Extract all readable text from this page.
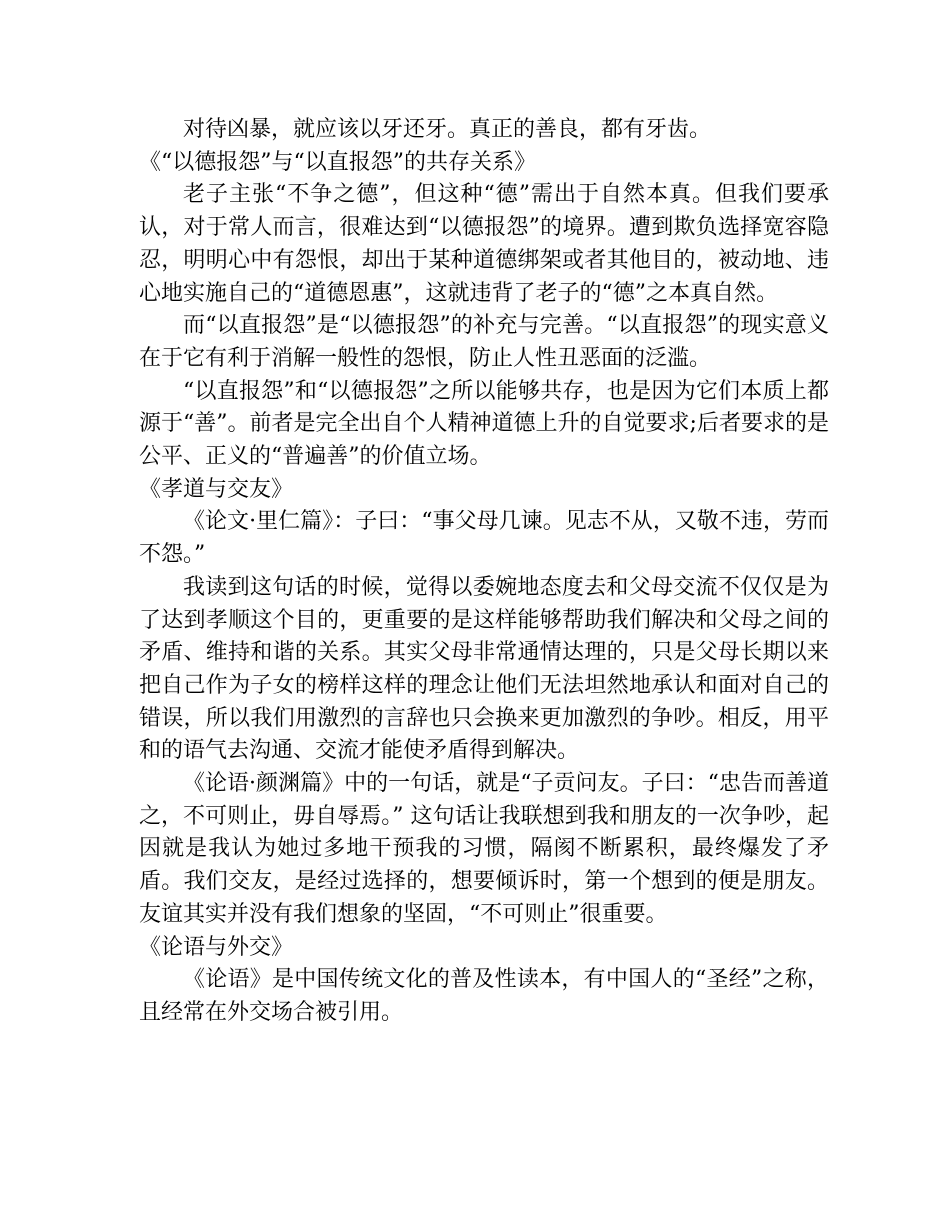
对待凶暴，就应该以牙还牙。真正的善良，都有牙齿。

《“以德报怨”与“以直报怨”的共存关系》

老子主张“不争之德”，但这种“德”需出于自然本真。但我们要承认，对于常人而言，很难达到“以德报怨”的境界。遭到欺负选择宽容隐忍，明明心中有怨恨，却出于某种道德绑架或者其他目的，被动地、违心地实施自己的“道德恩惠”，这就违背了老子的“德”之本真自然。

而“以直报怨”是“以德报怨”的补充与完善。“以直报怨”的现实意义在于它有利于消解一般性的怨恨，防止人性丑恶面的泛滥。

“以直报怨”和“以德报怨”之所以能够共存，也是因为它们本质上都源于“善”。前者是完全出自个人精神道德上升的自觉要求;后者要求的是公平、正义的“普遍善”的价值立场。

《孝道与交友》

《论文·里仁篇》：子曰：“事父母几谏。见志不从，又敬不违，劳而不怨。”

我读到这句话的时候，觉得以委婉地态度去和父母交流不仅仅是为了达到孝顺这个目的，更重要的是这样能够帮助我们解决和父母之间的矛盾、维持和谐的关系。其实父母非常通情达理的，只是父母长期以来把自己作为子女的榜样这样的理念让他们无法坦然地承认和面对自己的错误，所以我们用激烈的言辞也只会换来更加激烈的争吵。相反，用平和的语气去沟通、交流才能使矛盾得到解决。

《论语·颜渊篇》中的一句话，就是“子贡问友。子曰：“忠告而善道之，不可则止，毋自辱焉。” 这句话让我联想到我和朋友的一次争吵，起因就是我认为她过多地干预我的习惯，隔阂不断累积，最终爆发了矛盾。我们交友，是经过选择的，想要倾诉时，第一个想到的便是朋友。友谊其实并没有我们想象的坚固，“不可则止”很重要。

《论语与外交》

《论语》是中国传统文化的普及性读本，有中国人的“圣经”之称，且经常在外交场合被引用。
